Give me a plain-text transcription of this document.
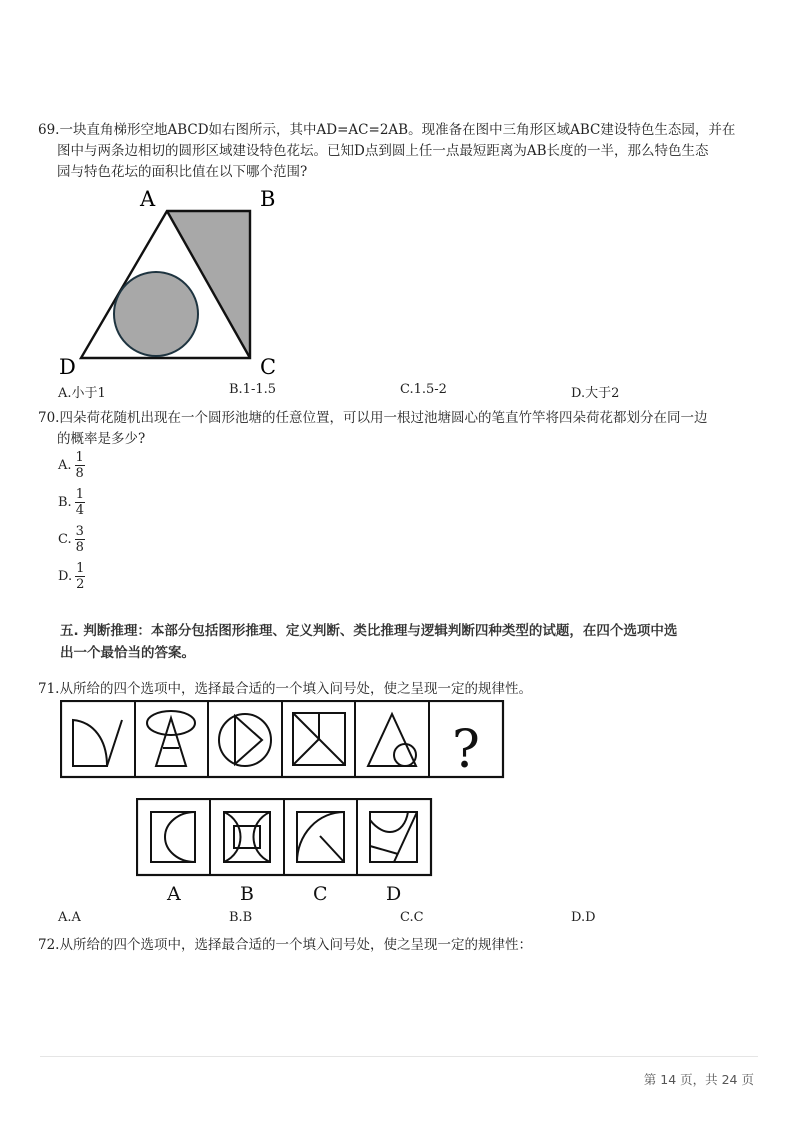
69.一块直角梯形空地ABCD如右图所示，其中AD=AC=2AB。现准备在图中三角形区域ABC建设特色生态园，并在
图中与两条边相切的圆形区域建设特色花坛。已知D点到圆上任一点最短距离为AB长度的一半，那么特色生态
园与特色花坛的面积比值在以下哪个范围?
A	B
C
D
A.小于1	B.1-1.5	C.1.5-2	D.大于2
70.四朵荷花随机出现在一个圆形池塘的任意位置，可以用一根过池塘圆心的笔直竹竿将四朵荷花都划分在同一边
的概率是多少?
A. $\frac{1}{8}$
B. $\frac{1}{4}$
C. $\frac{3}{8}$
D. $\frac{1}{2}$
五. 判断推理：本部分包括图形推理、定义判断、类比推理与逻辑判断四种类型的试题，在四个选项中选
出一个最恰当的答案。
71.从所给的四个选项中，选择最合适的一个填入问号处，使之呈现一定的规律性。
?
A	B	C	D
A.A	B.B	C.C	D.D
72.从所给的四个选项中，选择最合适的一个填入问号处，使之呈现一定的规律性：
第 14 页，共 24 页
